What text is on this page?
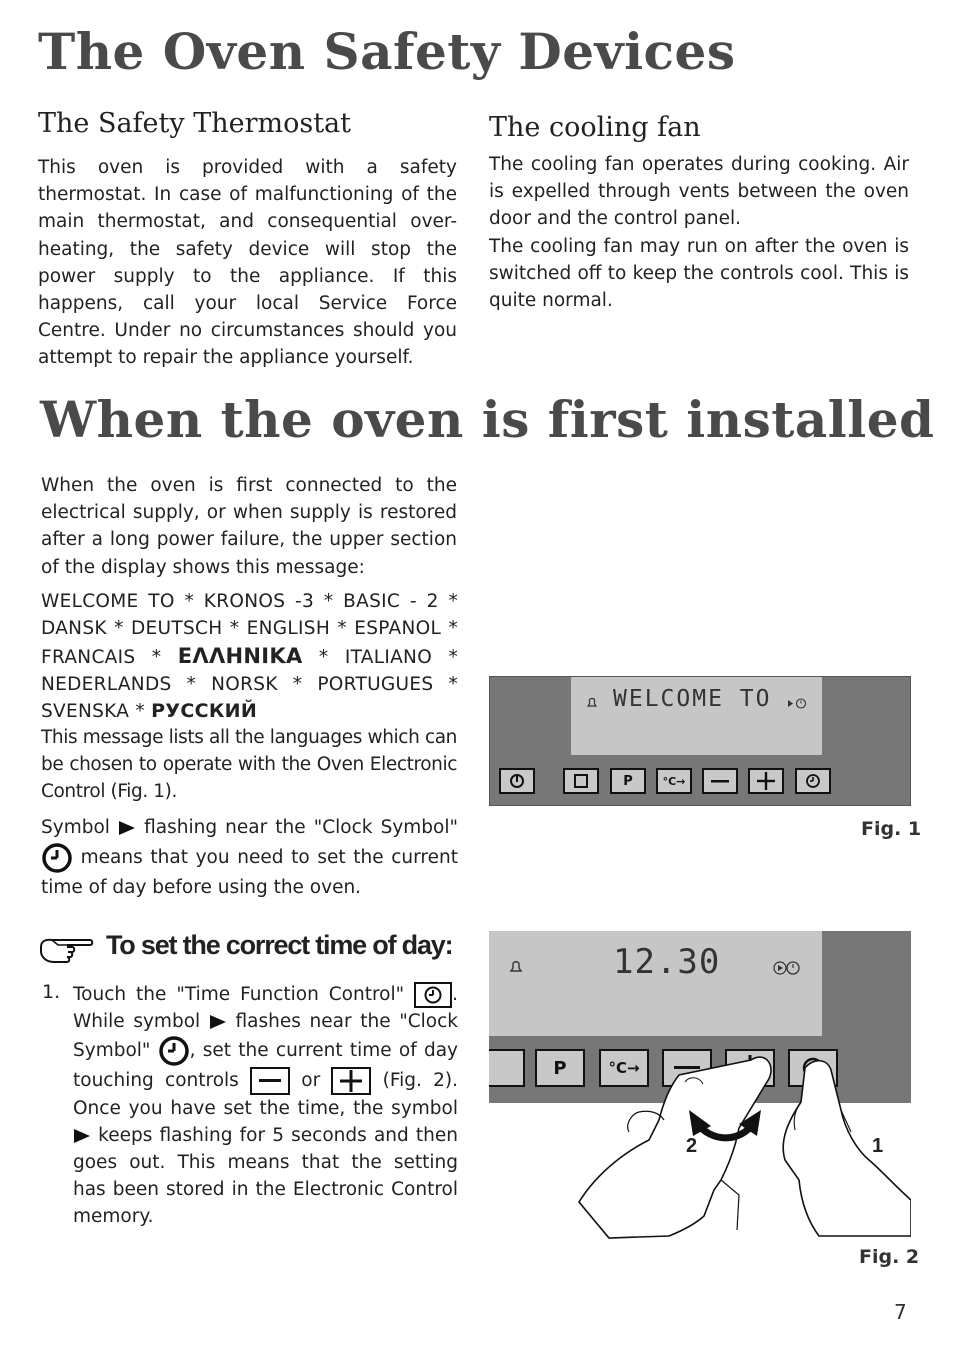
The Oven Safety Devices
The Safety Thermostat

This oven is provided with a safety thermostat. In case of malfunctioning of the main thermostat, and consequential over-heating, the safety device will stop the power supply to the appliance. If this happens, call your local Service Force Centre. Under no circumstances should you attempt to repair the appliance yourself.

The cooling fan

The cooling fan operates during cooking. Air is expelled through vents between the oven door and the control panel.

The cooling fan may run on after the oven is switched off to keep the controls cool. This is quite normal.

When the oven is first installed

When the oven is first connected to the electrical supply, or when supply is restored after a long power failure, the upper section of the display shows this message:

WELCOME TO * KRONOS -3 * BASIC - 2 * DANSK * DEUTSCH * ENGLISH * ESPANOL * FRANCAIS * ΕΛΛΗΝΙΚΑ * ITALIANO * NEDERLANDS * NORSK * PORTUGUES * SVENSKA * РУССКИЙ

This message lists all the languages which can be chosen to operate with the Oven Electronic Control (Fig. 1).

Symbol  flashing near the "Clock Symbol"  means that you need to set the current time of day before using the oven.

To set the correct time of day:
1. Touch the "Time Function Control"
. While symbol  flashes near the "Clock Symbol" , set the current time of day touching controls
or
(Fig. 2). Once you have set the time, the symbol  keeps flashing for 5 seconds and then goes out. This means that the setting has been stored in the Electronic Control memory.

WELCOME TO
P	°C→
Fig. 1
12.30
P	°C→
2	1
Fig. 2
7
